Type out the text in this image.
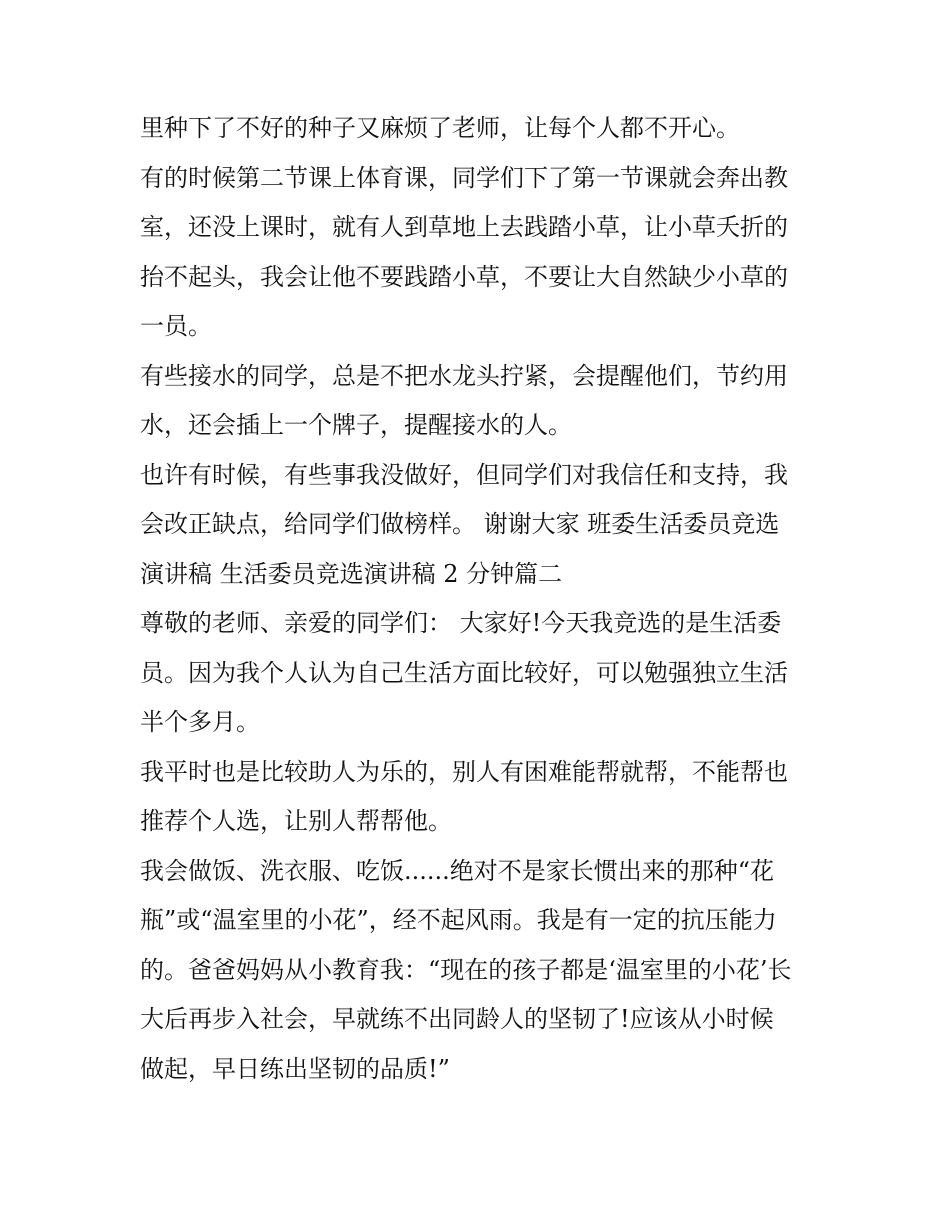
里种下了不好的种子又麻烦了老师，让每个人都不开心。
有的时候第二节课上体育课，同学们下了第一节课就会奔出教
室，还没上课时，就有人到草地上去践踏小草，让小草夭折的
抬不起头，我会让他不要践踏小草，不要让大自然缺少小草的
一员。
有些接水的同学，总是不把水龙头拧紧，会提醒他们，节约用
水，还会插上一个牌子，提醒接水的人。
也许有时候，有些事我没做好，但同学们对我信任和支持，我
会改正缺点，给同学们做榜样。 谢谢大家 班委生活委员竞选
演讲稿 生活委员竞选演讲稿 2 分钟篇二
尊敬的老师、亲爱的同学们： 大家好!今天我竞选的是生活委
员。因为我个人认为自己生活方面比较好，可以勉强独立生活
半个多月。
我平时也是比较助人为乐的，别人有困难能帮就帮，不能帮也
推荐个人选，让别人帮帮他。
我会做饭、洗衣服、吃饭......绝对不是家长惯出来的那种“花
瓶”或“温室里的小花”，经不起风雨。我是有一定的抗压能力
的。爸爸妈妈从小教育我：“现在的孩子都是‘温室里的小花’长
大后再步入社会，早就练不出同龄人的坚韧了!应该从小时候
做起，早日练出坚韧的品质!”
